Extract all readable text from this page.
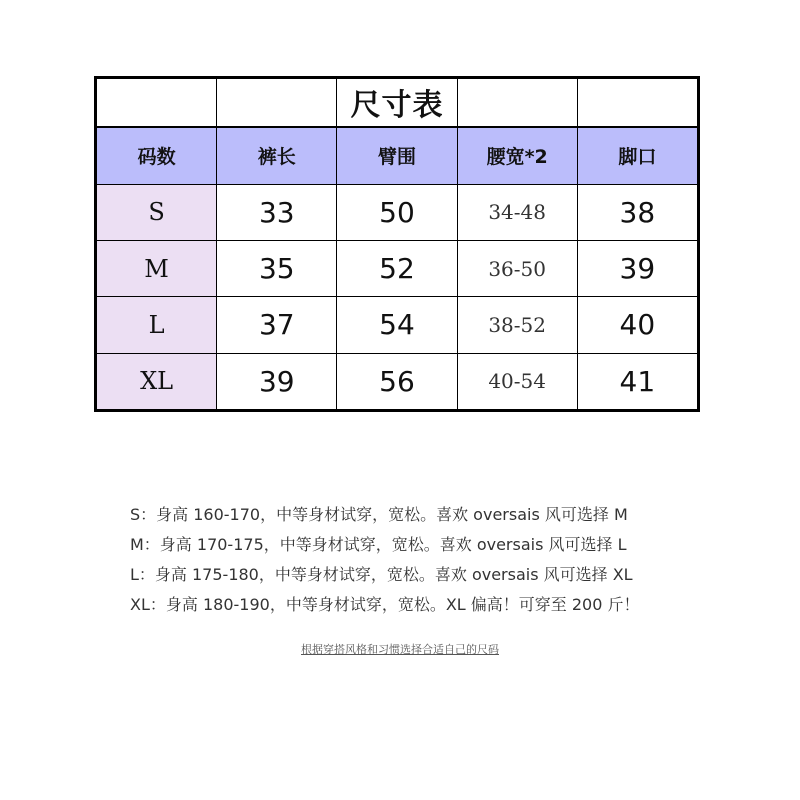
		尺寸表		
码数	裤长	臂围	腰宽*2	脚口
S	33	50	34-48	38
M	35	52	36-50	39
L	37	54	38-52	40
XL	39	56	40-54	41
S：身高 160-170，中等身材试穿，宽松。喜欢 oversais 风可选择 M
M：身高 170-175，中等身材试穿，宽松。喜欢 oversais 风可选择 L
L：身高 175-180，中等身材试穿，宽松。喜欢 oversais 风可选择 XL
XL：身高 180-190，中等身材试穿，宽松。XL 偏高！可穿至 200 斤！
根据穿搭风格和习惯选择合适自己的尺码
